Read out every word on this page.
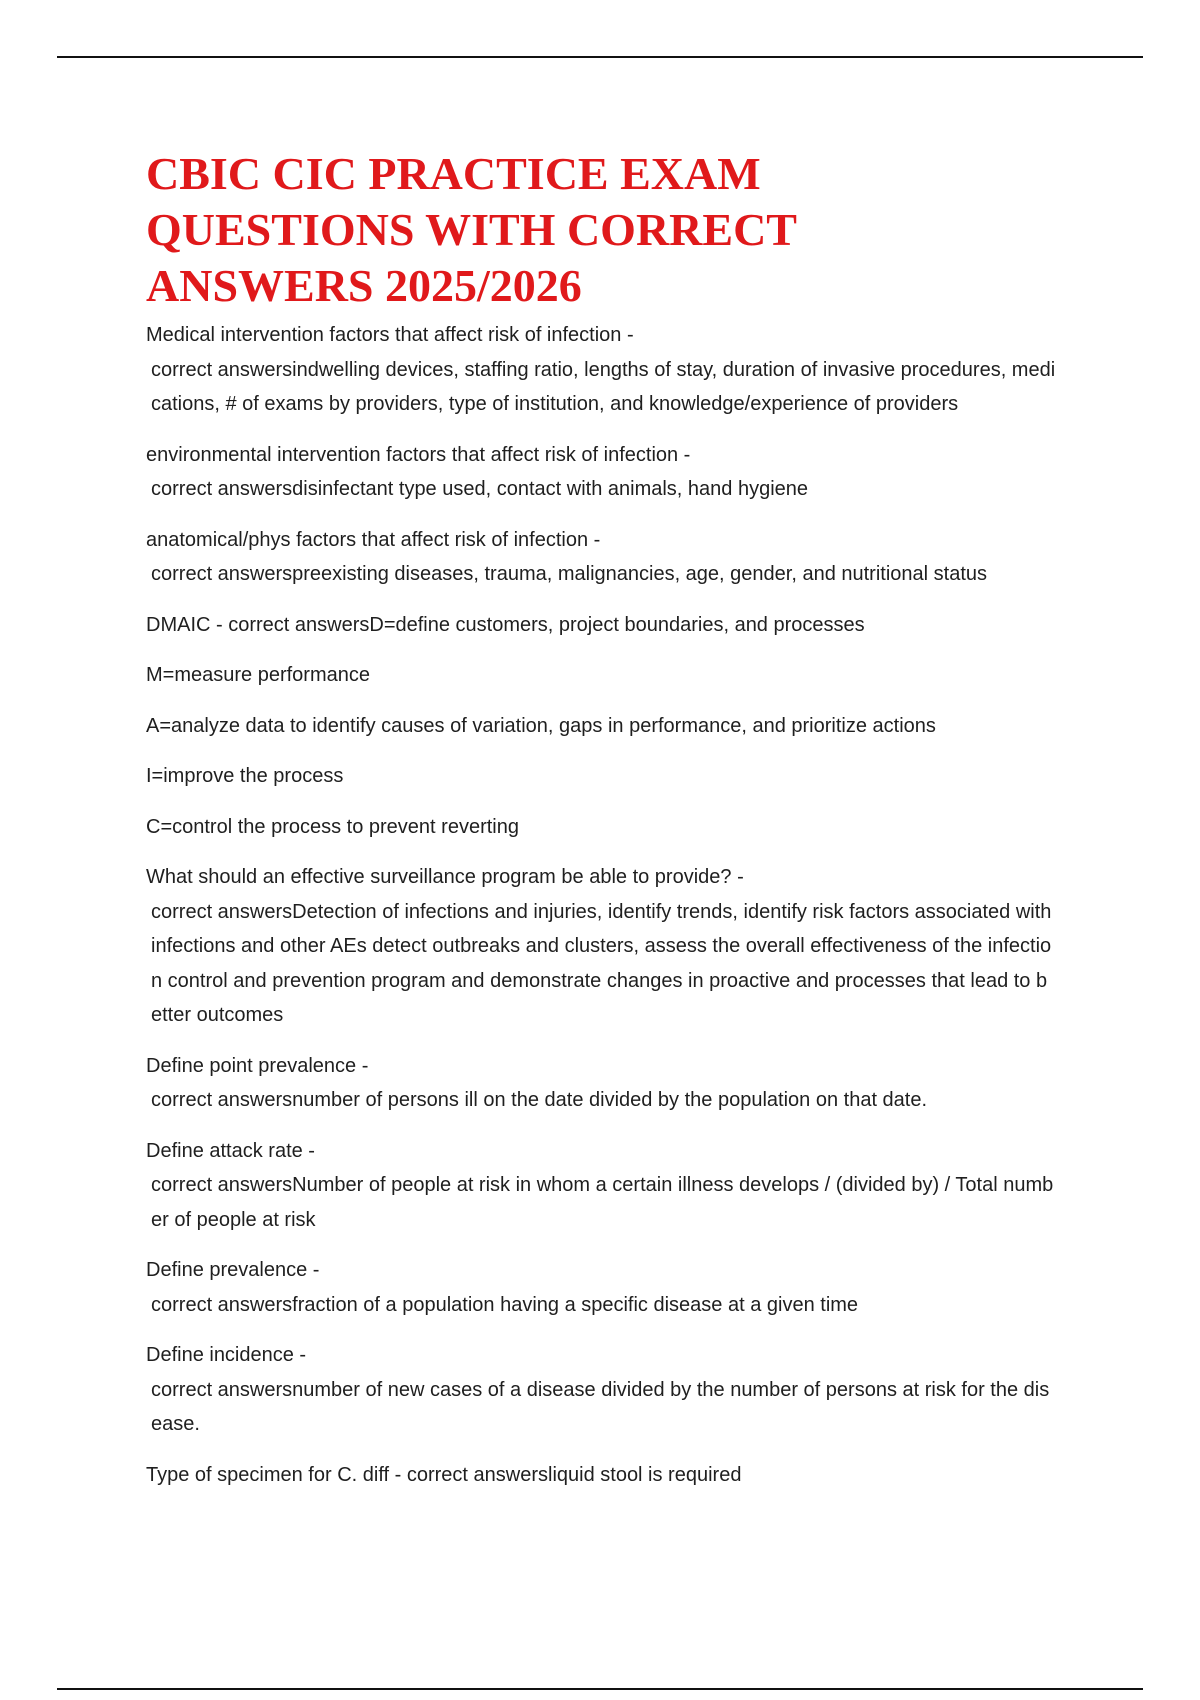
CBIC CIC PRACTICE EXAM
QUESTIONS WITH CORRECT
ANSWERS 2025/2026
Medical intervention factors that affect risk of infection -
correct answersindwelling devices, staffing ratio, lengths of stay, duration of invasive procedures, medications, # of exams by providers, type of institution, and knowledge/experience of providers
environmental intervention factors that affect risk of infection -
correct answersdisinfectant type used, contact with animals, hand hygiene
anatomical/phys factors that affect risk of infection -
correct answerspreexisting diseases, trauma, malignancies, age, gender, and nutritional status
DMAIC - correct answersD=define customers, project boundaries, and processes
M=measure performance
A=analyze data to identify causes of variation, gaps in performance, and prioritize actions
I=improve the process
C=control the process to prevent reverting
What should an effective surveillance program be able to provide? -
correct answersDetection of infections and injuries, identify trends, identify risk factors associated with infections and other AEs detect outbreaks and clusters, assess the overall effectiveness of the infection control and prevention program and demonstrate changes in proactive and processes that lead to better outcomes
Define point prevalence -
correct answersnumber of persons ill on the date divided by the population on that date.
Define attack rate -
correct answersNumber of people at risk in whom a certain illness develops / (divided by) / Total number of people at risk
Define prevalence -
correct answersfraction of a population having a specific disease at a given time
Define incidence -
correct answersnumber of new cases of a disease divided by the number of persons at risk for the disease.
Type of specimen for C. diff - correct answersliquid stool is required
